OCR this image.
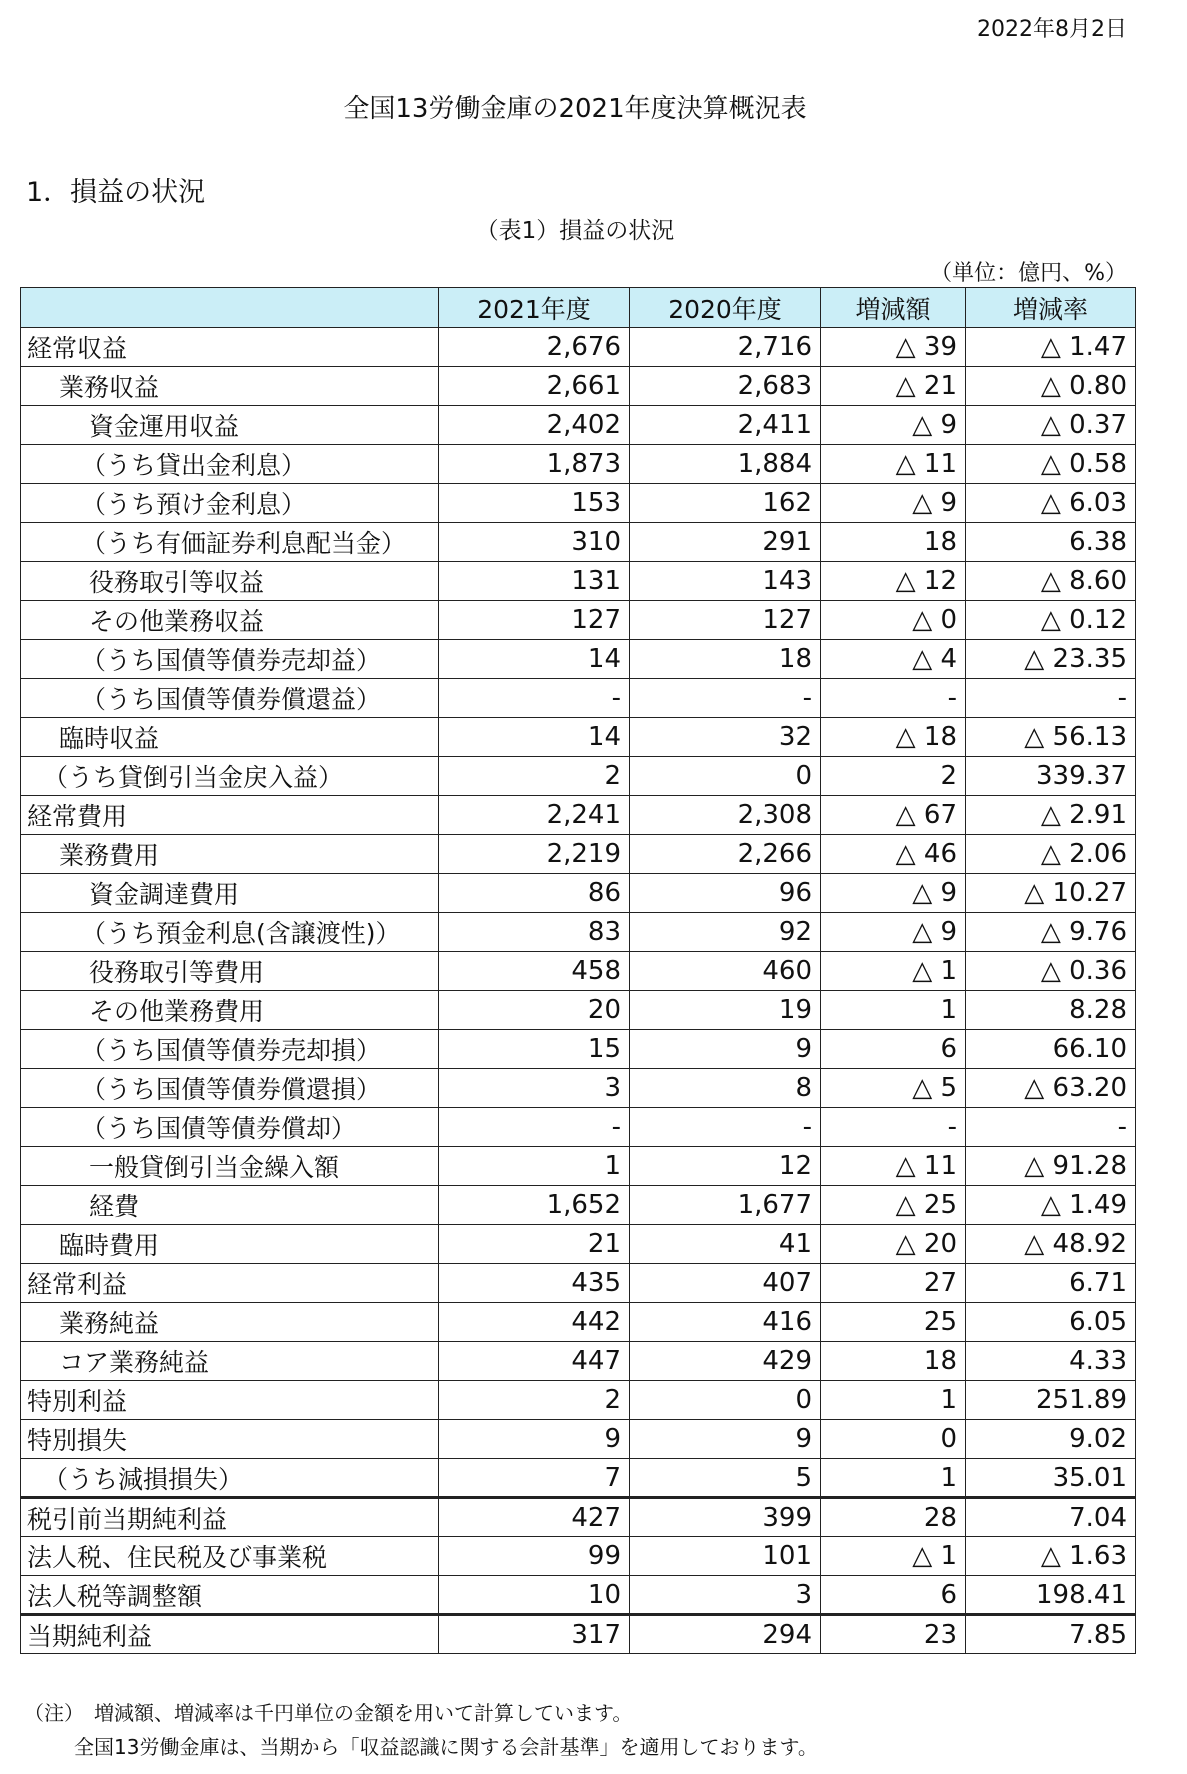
2022年8月2日
全国13労働金庫の2021年度決算概況表
1．損益の状況
（表1）損益の状況
（単位：億円、%）
	2021年度	2020年度	増減額	増減率
経常収益	2,676	2,716	△ 39	△ 1.47
業務収益	2,661	2,683	△ 21	△ 0.80
資金運用収益	2,402	2,411	△ 9	△ 0.37
（うち貸出金利息）	1,873	1,884	△ 11	△ 0.58
（うち預け金利息）	153	162	△ 9	△ 6.03
（うち有価証券利息配当金）	310	291	18	6.38
役務取引等収益	131	143	△ 12	△ 8.60
その他業務収益	127	127	△ 0	△ 0.12
（うち国債等債券売却益）	14	18	△ 4	△ 23.35
（うち国債等債券償還益）	-	-	-	-
臨時収益	14	32	△ 18	△ 56.13
（うち貸倒引当金戻入益）	2	0	2	339.37
経常費用	2,241	2,308	△ 67	△ 2.91
業務費用	2,219	2,266	△ 46	△ 2.06
資金調達費用	86	96	△ 9	△ 10.27
（うち預金利息(含譲渡性)）	83	92	△ 9	△ 9.76
役務取引等費用	458	460	△ 1	△ 0.36
その他業務費用	20	19	1	8.28
（うち国債等債券売却損）	15	9	6	66.10
（うち国債等債券償還損）	3	8	△ 5	△ 63.20
（うち国債等債券償却）	-	-	-	-
一般貸倒引当金繰入額	1	12	△ 11	△ 91.28
経費	1,652	1,677	△ 25	△ 1.49
臨時費用	21	41	△ 20	△ 48.92
経常利益	435	407	27	6.71
業務純益	442	416	25	6.05
コア業務純益	447	429	18	4.33
特別利益	2	0	1	251.89
特別損失	9	9	0	9.02
（うち減損損失）	7	5	1	35.01
税引前当期純利益	427	399	28	7.04
法人税、住民税及び事業税	99	101	△ 1	△ 1.63
法人税等調整額	10	3	6	198.41
当期純利益	317	294	23	7.85
（注）　増減額、増減率は千円単位の金額を用いて計算しています。
全国13労働金庫は、当期から「収益認識に関する会計基準」を適用しております。
